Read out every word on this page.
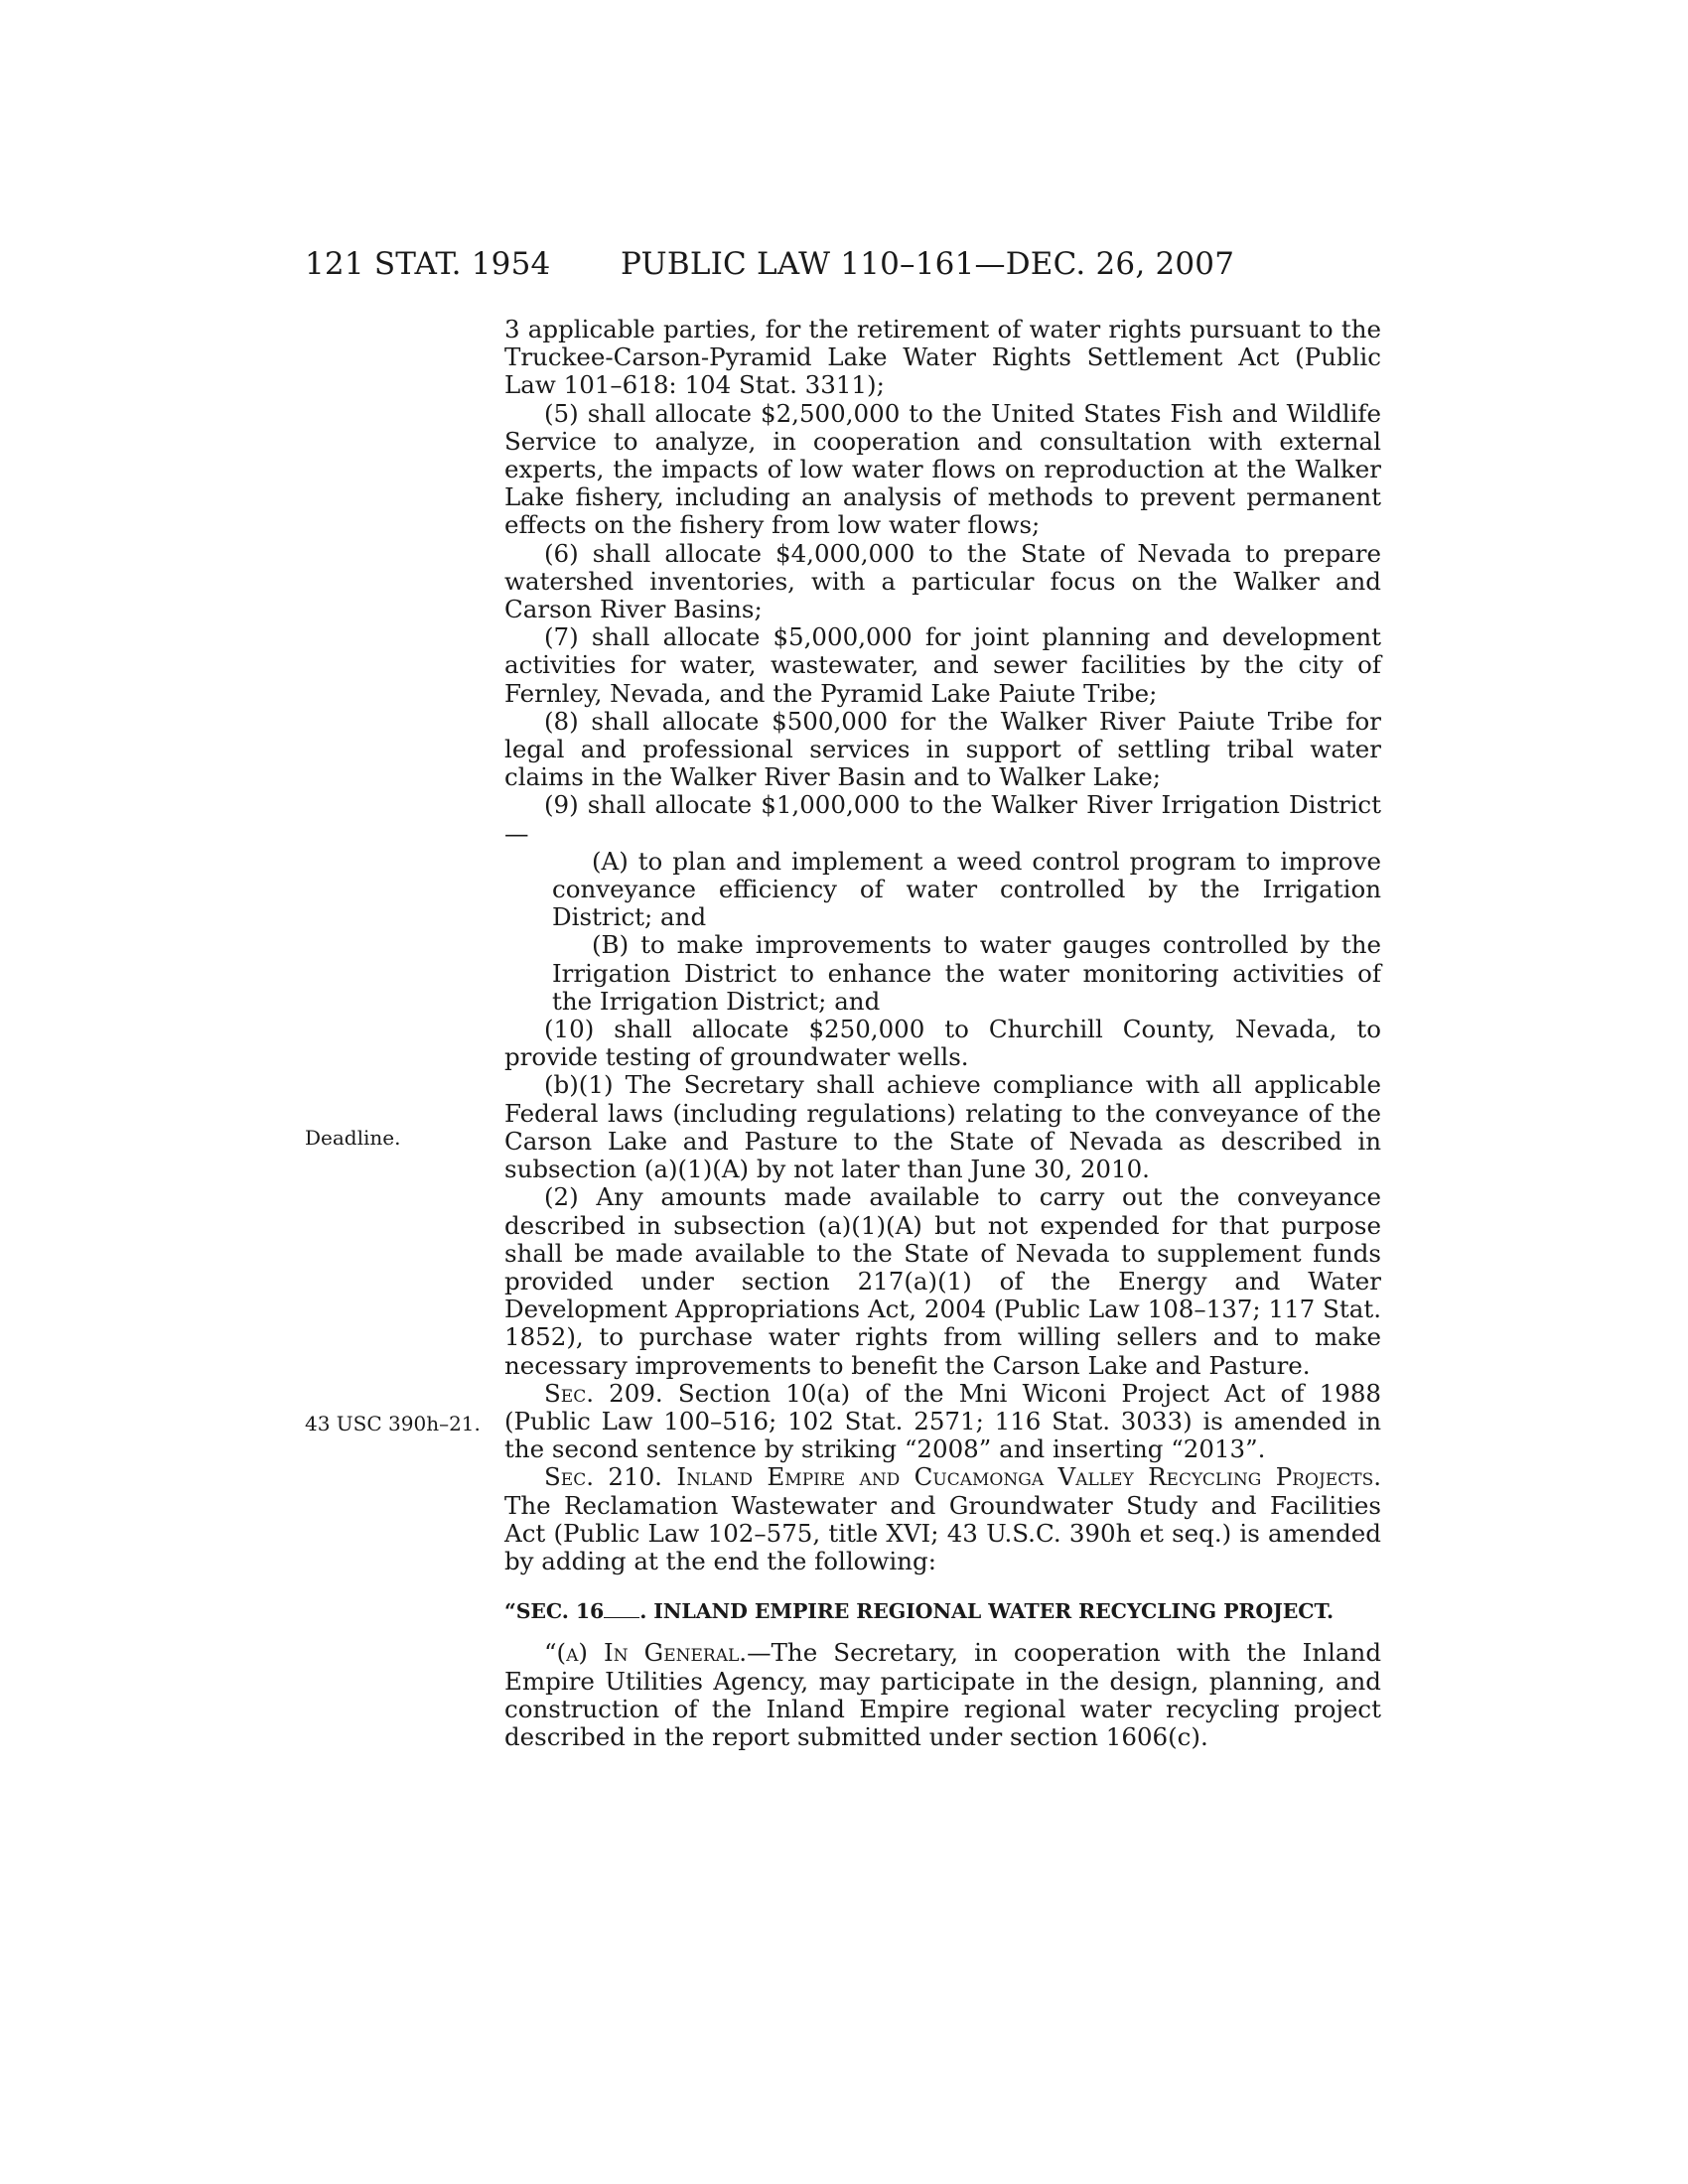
121 STAT. 1954 PUBLIC LAW 110–161—DEC. 26, 2007
Deadline.
43 USC 390h–21.

3 applicable parties, for the retirement of water rights pursuant to the Truckee-Carson-Pyramid Lake Water Rights Settlement Act (Public Law 101–618: 104 Stat. 3311);

(5) shall allocate $2,500,000 to the United States Fish and Wildlife Service to analyze, in cooperation and consultation with external experts, the impacts of low water flows on reproduction at the Walker Lake fishery, including an analysis of methods to prevent permanent effects on the fishery from low water flows;

(6) shall allocate $4,000,000 to the State of Nevada to prepare watershed inventories, with a particular focus on the Walker and Carson River Basins;

(7) shall allocate $5,000,000 for joint planning and development activities for water, wastewater, and sewer facilities by the city of Fernley, Nevada, and the Pyramid Lake Paiute Tribe;

(8) shall allocate $500,000 for the Walker River Paiute Tribe for legal and professional services in support of settling tribal water claims in the Walker River Basin and to Walker Lake;

(9) shall allocate $1,000,000 to the Walker River Irrigation District—

(A) to plan and implement a weed control program to improve conveyance efficiency of water controlled by the Irrigation District; and

(B) to make improvements to water gauges controlled by the Irrigation District to enhance the water monitoring activities of the Irrigation District; and

(10) shall allocate $250,000 to Churchill County, Nevada, to provide testing of groundwater wells.

(b)(1) The Secretary shall achieve compliance with all applicable Federal laws (including regulations) relating to the conveyance of the Carson Lake and Pasture to the State of Nevada as described in subsection (a)(1)(A) by not later than June 30, 2010.

(2) Any amounts made available to carry out the conveyance described in subsection (a)(1)(A) but not expended for that purpose shall be made available to the State of Nevada to supplement funds provided under section 217(a)(1) of the Energy and Water Development Appropriations Act, 2004 (Public Law 108–137; 117 Stat. 1852), to purchase water rights from willing sellers and to make necessary improvements to benefit the Carson Lake and Pasture.

Sec. 209. Section 10(a) of the Mni Wiconi Project Act of 1988 (Public Law 100–516; 102 Stat. 2571; 116 Stat. 3033) is amended in the second sentence by striking “2008” and inserting “2013”.

Sec. 210. Inland Empire and Cucamonga Valley Recycling Projects. The Reclamation Wastewater and Groundwater Study and Facilities Act (Public Law 102–575, title XVI; 43 U.S.C. 390h et seq.) is amended by adding at the end the following:

“SEC. 16 . INLAND EMPIRE REGIONAL WATER RECYCLING PROJECT.

“(a) In General.—The Secretary, in cooperation with the Inland Empire Utilities Agency, may participate in the design, planning, and construction of the Inland Empire regional water recycling project described in the report submitted under section 1606(c).
